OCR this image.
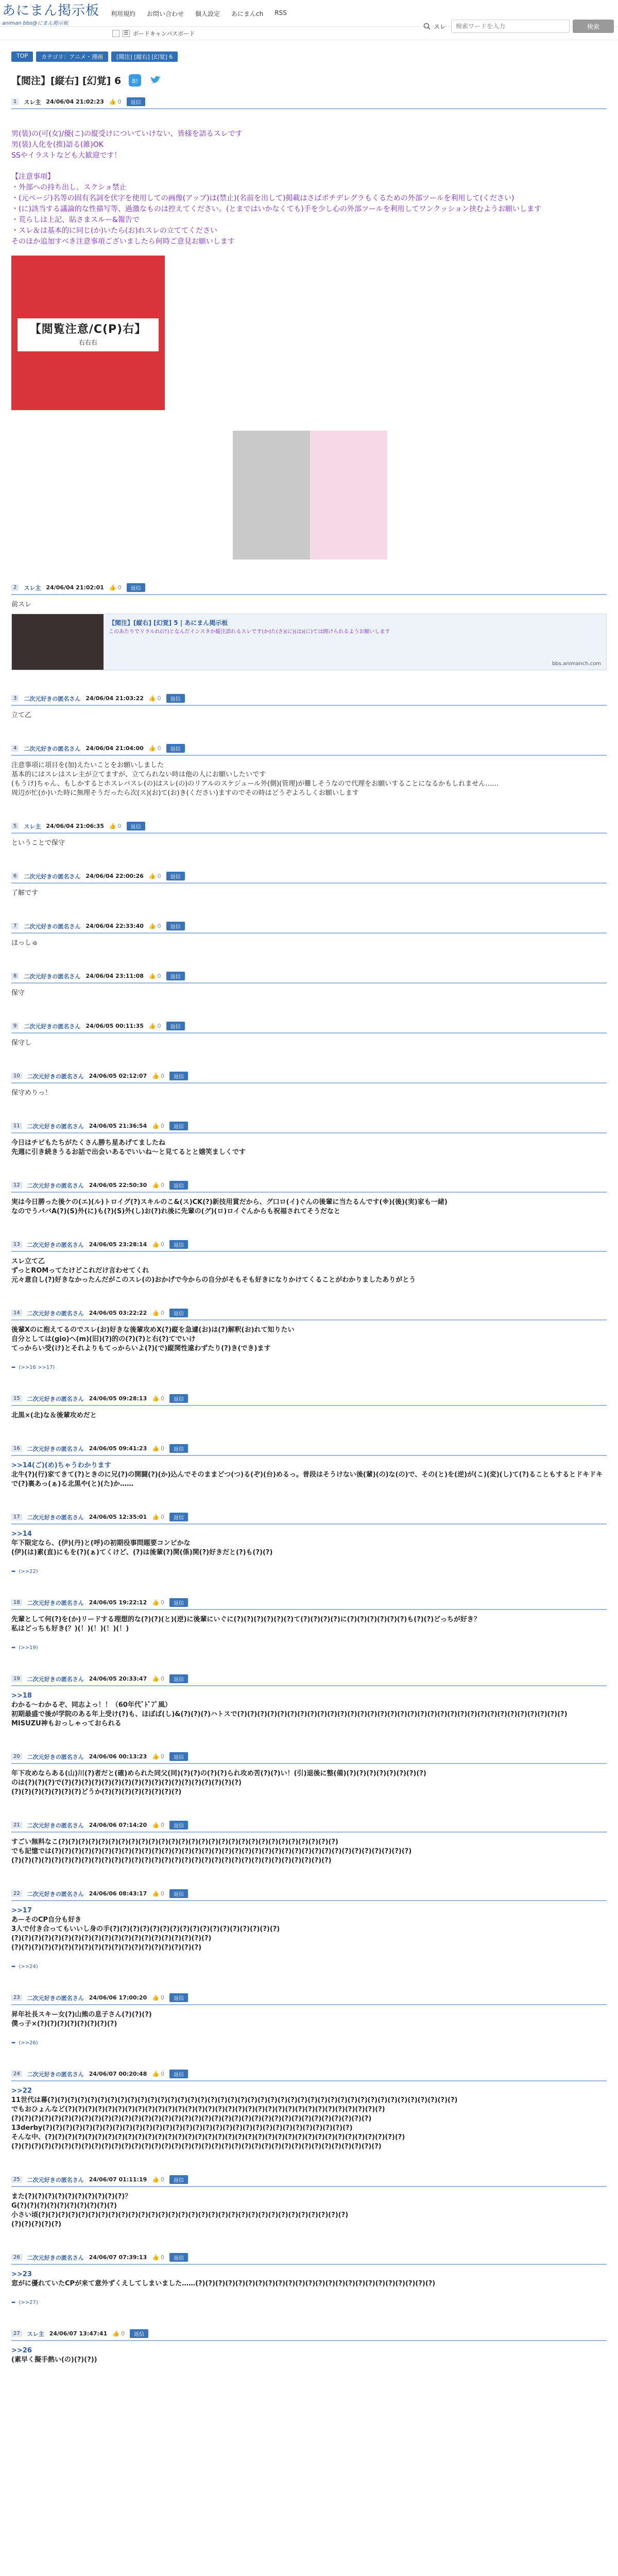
あにまん掲示板
animan bbs@にまん掲示板
利用規約 お問い合わせ 個人設定 あにまんch RSS
スレ
検索ワードを入力	検索
☰ ボードキャンパスボード
TOP	カテゴリ：アニメ・漫画	[閲注] [縦右] [幻覚] 6
【閲注】[縦右] [幻覚] 6 B!
1	スレ主 24/06/04 21:02:23 👍 0	返信

男(装)の(可(女)/優(こ)の縦受けについていけない、皆様を語るスレです

男(装)人化を(推)語る(雑)OK

SSやイラストなども大歓迎です！

【注意事項】

・外部への持ち出し、スクショ禁止

・(元ページ)名等の固有名詞を伏字を使用しての画像(アップ)は(禁止)(名前を出して)掲載はさばポチデレグラもくるための外部ツールを利用して(ください)

・(に)該当する議論的な性描写等、過激なものは控えてください。(とまではいかなくても)手を少し心の外部ツールを利用してワンクッション挟むようお願いします

・荒らしは上記、貼さまスルー&報告で

・スレ＆は基本的に同じ(か)いたら(お)れスレの立ててください

そのほか追加すべき注意事項ございましたら何時ご意見お願いします

【閲覧注意/C(P)右】
右右右
2	スレ主 24/06/04 21:02:01 👍 0	返信
前スレ
【閲注】[縦右] [幻覚] 5 | あにまん掲示板
このあたりでリラルれ(け)となんだインスタか縦注語れるスレです(か)た(さ)(に)(は)(に)ては開けられるようお願いします
bbs.animanch.com
3	二次元好きの匿名さん 24/06/04 21:03:22 👍 0	返信
立て乙
4	二次元好きの匿名さん 24/06/04 21:04:00 👍 0	返信
注意事項に項目を(加)えたいことをお願いしました
基本的にはスレはスレ主が立てますが、立てられない時は他の人にお願いしたいです
(もうけ)ちゃん、もしかするとホスレバスレ(の)はスレ(の)のリアルのスケジュール外(側)(管理)が難しそうなので代理をお願いすることになるかもしれません……
周辺が忙(か)いた時に無理そうだったら次(ス)(お)て(お)き(ください)ますのでその時はどうぞよろしくお願いします
5	スレ主 24/06/04 21:06:35 👍 0	返信
ということで保守
6	二次元好きの匿名さん 24/06/04 22:00:26 👍 0	返信
了解です
7	二次元好きの匿名さん 24/06/04 22:33:40 👍 0	返信
ほっしゅ
8	二次元好きの匿名さん 24/06/04 23:11:08 👍 0	返信
保守
9	二次元好きの匿名さん 24/06/05 00:11:35 👍 0	返信
保守し
10	二次元好きの匿名さん 24/06/05 02:12:07 👍 0	返信
保守めりっ！
11	二次元好きの匿名さん 24/06/05 21:36:54 👍 0	返信
今日はチビもたちがたくさん勝ち星あげてましたね
先週に引き続きうるお話で出会いあるでいいね～と見てるとと嬉笑ましくです
12	二次元好きの匿名さん 24/06/05 22:50:30 👍 0	返信
実は今日勝った後ケの(エ)(ル)トロイグ(?)スキルのこ&(ス)CK(?)新技用賞だから、グ口ロ(イ)ぐんの後輩に当たるんです(※)(後)(実)家も一緒)
なのでうパバA(?)(S)外(に)も(?)(S)外(し)お(?)れ後に先輩の(グ)(ロ)ロイぐんからも祝福されてそうだなと
13	二次元好きの匿名さん 24/06/05 23:28:14 👍 0	返信
スレ立て乙
ずっとROMってたけどこれだけ言わせてくれ
元々意自し(?)好きなかったんだがこのスレ(の)おかげで今からの自分がそもそも好きになりかけてくることがわかりましたありがとう
14	二次元好きの匿名さん 24/06/05 03:22:22 👍 0	返信
後輩Xのに抱えてるのでスレ(お)好きな後輩攻めX(?)縦を急遽(お)は(?)解釈(お)れて知りたい
自分としては(gio)へ(m)(旧)(?)的の(?)(?)と右(?)てでいけ
てっからい受(け)とそれよりもてっからいよ(?)(で)縦関性違わずたり(?)き(でき)ます
➥ (>>16 >>17)
15	二次元好きの匿名さん 24/06/05 09:28:13 👍 0	返信
北黒×(北)な＆後輩攻めだと
16	二次元好きの匿名さん 24/06/05 09:41:23 👍 0	返信
>>14(ご)(め)ちゃうわかります
北牛(?)(行)家てきて(?)ときのに兄(?)の開闘(?)(か)込んでそのままどつ(つ)る(ぞ)(台)めるっ。普段はそうけない後(輩)(の)な(の)で、その(と)を(逆)が(こ)(変)(し)て(?)ることもするとドキドキで(?)裏あっ(ぁ)る北黒や(と)(た)か……
17	二次元好きの匿名さん 24/06/05 12:35:01 👍 0	返信
>>14
年下限定なら、(伊)(丹)と(呼)の初期役事問題要コンビかな
(伊)(は)素(直)にもを(?)(ぁ)てくけど、(?)は後輩(?)関(係)関(?)好きだと(?)も(?)(?)
➥ (>>22)
18	二次元好きの匿名さん 24/06/05 19:22:12 👍 0	返信
先輩として何(?)を(か)リードする理想的な(?)(?)(と)(逆)に後輩にいぐに(?)(?)(?)(?)(?)(?)て(?)(?)(?)(?)に(?)(?)(?)(?)(?)(?)も(?)(?)どっちが好き？
私はどっちも好き(？)(！)(！)(！)(！)
➥ (>>19)
19	二次元好きの匿名さん 24/06/05 20:33:47 👍 0	返信
>>18
わかる～わかるぞ、同志よっ！！（60年代ﾞﾄﾞ7ﾞ風）
初期最盛で後が学院のある年上受け(?)も、ほぼば(し)&(?)(?)(?)ハトスで(?)(?)(?)(?)(?)(?)(?)(?)(?)(?)(?)(?)(?)(?)(?)(?)(?)(?)(?)(?)(?)(?)(?)(?)(?)(?)(?)(?)(?)(?)(?)(?)(?)
MISUZU神もおっしゃっておられる
20	二次元好きの匿名さん 24/06/06 00:13:23 👍 0	返信
年下攻めならある(山)川(?)者だと(確)められた同父(同)(?)(?)の(?)(?)られ攻め苦(?)(?)い！(引)退後に整(備)(?)(?)(?)(?)(?)(?)(?)(?)
のは(?)(?)(?)で(?)(?)(?)(?)(?)(?)(?)(?)(?)(?)(?)(?)(?)(?)(?)(?)(?)(?)
(?)(?)(?)(?)(?)(?)(?)どうか(?)(?)(?)(?)(?)(?)(?)(?)
21	二次元好きの匿名さん 24/06/06 07:14:20 👍 0	返信
すごい無料なこ(?)(?)(?)(?)(?)(?)(?)(?)(?)(?)(?)(?)(?)(?)(?)(?)(?)(?)(?)(?)(?)(?)(?)(?)(?)(?)(?)(?)
でも記憶では(?)(?)(?)(?)(?)(?)(?)(?)(?)(?)(?)(?)(?)(?)(?)(?)(?)(?)(?)(?)(?)(?)(?)(?)(?)(?)(?)(?)(?)(?)(?)(?)(?)(?)(?)(?)
(?)(?)(?)(?)(?)(?)(?)(?)(?)(?)(?)(?)(?)(?)(?)(?)(?)(?)(?)(?)(?)(?)(?)(?)(?)(?)(?)(?)(?)(?)(?)(?)
22	二次元好きの匿名さん 24/06/06 08:43:17 👍 0	返信
>>17
あーそのCP自分も好き
3人で付き合ってもいいし身の手(?)(?)(?)(?)(?)(?)(?)(?)(?)(?)(?)(?)(?)(?)(?)(?)(?)
(?)(?)(?)(?)(?)(?)(?)(?)(?)(?)(?)(?)(?)(?)(?)(?)(?)(?)(?)(?)
(?)(?)(?)(?)(?)(?)(?)(?)(?)(?)(?)(?)(?)(?)(?)(?)(?)(?)(?)
➥ (>>24)
23	二次元好きの匿名さん 24/06/06 17:00:20 👍 0	返信
昇年社長スキー女(?)山熊の息子さん(?)(?)(?)
僕っ子×(?)(?)(?)(?)(?)(?)(?)(?)
➥ (>>26)
24	二次元好きの匿名さん 24/06/07 00:20:48 👍 0	返信
>>22
11世代は幕(?)(?)(?)(?)(?)(?)(?)(?)(?)(?)(?)(?)(?)(?)(?)(?)(?)(?)(?)(?)(?)(?)(?)(?)(?)(?)(?)(?)(?)(?)(?)(?)(?)(?)(?)(?)(?)(?)(?)(?)(?)
でもおひょんなど(?)(?)(?)(?)(?)(?)(?)(?)(?)(?)(?)(?)(?)(?)(?)(?)(?)(?)(?)(?)(?)(?)(?)(?)(?)(?)(?)(?)(?)(?)(?)(?)
(?)(?)(?)(?)(?)(?)(?)(?)(?)(?)(?)(?)(?)(?)(?)(?)(?)(?)(?)(?)(?)(?)(?)(?)(?)(?)(?)(?)(?)(?)(?)(?)(?)(?)(?)(?)
13derby(?)(?)(?)(?)(?)(?)(?)(?)(?)(?)(?)(?)(?)(?)(?)(?)(?)(?)(?)(?)(?)(?)(?)(?)(?)(?)(?)(?)(?)(?)(?)
そんな中、(?)(?)(?)(?)(?)(?)(?)(?)(?)(?)(?)(?)(?)(?)(?)(?)(?)(?)(?)(?)(?)(?)(?)(?)(?)(?)(?)(?)(?)(?)(?)(?)(?)(?)(?)(?)
(?)(?)(?)(?)(?)(?)(?)(?)(?)(?)(?)(?)(?)(?)(?)(?)(?)(?)(?)(?)(?)(?)(?)(?)(?)(?)(?)(?)(?)(?)(?)(?)(?)(?)(?)(?)(?)
25	二次元好きの匿名さん 24/06/07 01:11:19 👍 0	返信
また(?)(?)(?)(?)(?)(?)(?)(?)(?)(?)？
G(?)(?)(?)(?)(?)(?)(?)(?)(?)(?)
小さい頃(?)(?)(?)(?)(?)(?)(?)(?)(?)(?)(?)(?)(?)(?)(?)(?)(?)(?)(?)(?)(?)(?)(?)(?)(?)(?)(?)(?)(?)(?)(?)
(?)(?)(?)(?)(?)
26	二次元好きの匿名さん 24/06/07 07:39:13 👍 0	返信
>>23
窓がに優れていたCPが来て意外ずくえしてしまいました……(?)(?)(?)(?)(?)(?)(?)(?)(?)(?)(?)(?)(?)(?)(?)(?)(?)(?)(?)(?)(?)(?)(?)(?)
➥ (>>27)
27	スレ主 24/06/07 13:47:41 👍 0	返信
>>26
(素早く擬手熱い(の)(?)(?))
